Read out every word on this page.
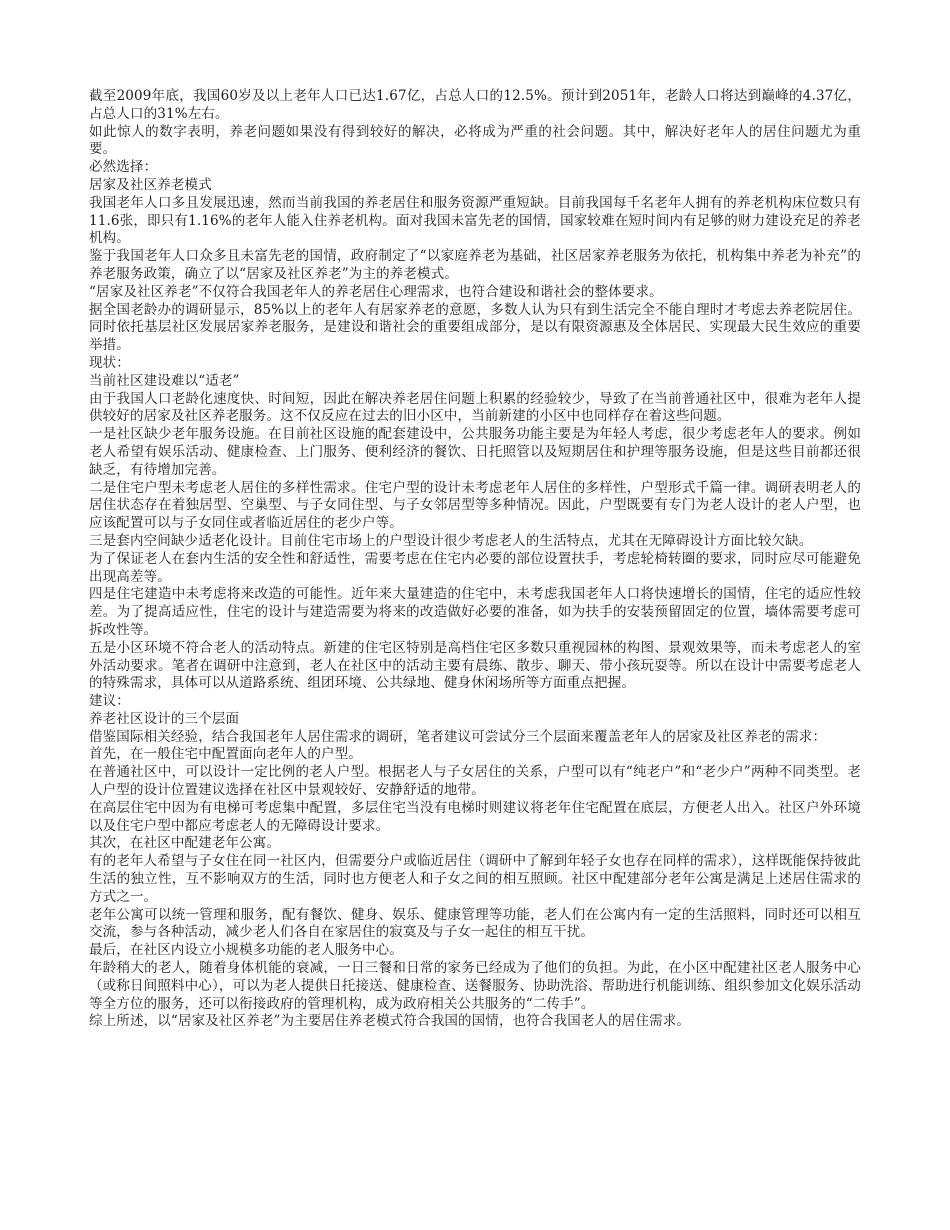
截至2009年底，我国60岁及以上老年人口已达1.67亿，占总人口的12.5%。预计到2051年，老龄人口将达到巅峰的4.37亿，占总人口的31%左右。

如此惊人的数字表明，养老问题如果没有得到较好的解决，必将成为严重的社会问题。其中，解决好老年人的居住问题尤为重要。

必然选择：

居家及社区养老模式

我国老年人口多且发展迅速，然而当前我国的养老居住和服务资源严重短缺。目前我国每千名老年人拥有的养老机构床位数只有11.6张，即只有1.16%的老年人能入住养老机构。面对我国未富先老的国情，国家较难在短时间内有足够的财力建设充足的养老机构。

鉴于我国老年人口众多且未富先老的国情，政府制定了“以家庭养老为基础，社区居家养老服务为依托，机构集中养老为补充”的养老服务政策，确立了以“居家及社区养老”为主的养老模式。

“居家及社区养老”不仅符合我国老年人的养老居住心理需求，也符合建设和谐社会的整体要求。

据全国老龄办的调研显示，85%以上的老年人有居家养老的意愿，多数人认为只有到生活完全不能自理时才考虑去养老院居住。同时依托基层社区发展居家养老服务，是建设和谐社会的重要组成部分，是以有限资源惠及全体居民、实现最大民生效应的重要举措。

现状：

当前社区建设难以“适老”

由于我国人口老龄化速度快、时间短，因此在解决养老居住问题上积累的经验较少，导致了在当前普通社区中，很难为老年人提供较好的居家及社区养老服务。这不仅反应在过去的旧小区中，当前新建的小区中也同样存在着这些问题。

一是社区缺少老年服务设施。在目前社区设施的配套建设中，公共服务功能主要是为年轻人考虑，很少考虑老年人的要求。例如老人希望有娱乐活动、健康检查、上门服务、便利经济的餐饮、日托照管以及短期居住和护理等服务设施，但是这些目前都还很缺乏，有待增加完善。

二是住宅户型未考虑老人居住的多样性需求。住宅户型的设计未考虑老年人居住的多样性，户型形式千篇一律。调研表明老人的居住状态存在着独居型、空巢型、与子女同住型、与子女邻居型等多种情况。因此，户型既要有专门为老人设计的老人户型，也应该配置可以与子女同住或者临近居住的老少户等。

三是套内空间缺少适老化设计。目前住宅市场上的户型设计很少考虑老人的生活特点，尤其在无障碍设计方面比较欠缺。

为了保证老人在套内生活的安全性和舒适性，需要考虑在住宅内必要的部位设置扶手，考虑轮椅转圈的要求，同时应尽可能避免出现高差等。

四是住宅建造中未考虑将来改造的可能性。近年来大量建造的住宅中，未考虑我国老年人口将快速增长的国情，住宅的适应性较差。为了提高适应性，住宅的设计与建造需要为将来的改造做好必要的准备，如为扶手的安装预留固定的位置，墙体需要考虑可拆改性等。

五是小区环境不符合老人的活动特点。新建的住宅区特别是高档住宅区多数只重视园林的构图、景观效果等，而未考虑老人的室外活动要求。笔者在调研中注意到，老人在社区中的活动主要有晨练、散步、聊天、带小孩玩耍等。所以在设计中需要考虑老人的特殊需求，具体可以从道路系统、组团环境、公共绿地、健身休闲场所等方面重点把握。

建议：

养老社区设计的三个层面

借鉴国际相关经验，结合我国老年人居住需求的调研，笔者建议可尝试分三个层面来覆盖老年人的居家及社区养老的需求：

首先，在一般住宅中配置面向老年人的户型。

在普通社区中，可以设计一定比例的老人户型。根据老人与子女居住的关系，户型可以有“纯老户”和“老少户”两种不同类型。老人户型的设计位置建议选择在社区中景观较好、安静舒适的地带。

在高层住宅中因为有电梯可考虑集中配置，多层住宅当没有电梯时则建议将老年住宅配置在底层，方便老人出入。社区户外环境以及住宅户型中都应考虑老人的无障碍设计要求。

其次，在社区中配建老年公寓。

有的老年人希望与子女住在同一社区内，但需要分户或临近居住（调研中了解到年轻子女也存在同样的需求），这样既能保持彼此生活的独立性，互不影响双方的生活，同时也方便老人和子女之间的相互照顾。社区中配建部分老年公寓是满足上述居住需求的方式之一。

老年公寓可以统一管理和服务，配有餐饮、健身、娱乐、健康管理等功能，老人们在公寓内有一定的生活照料，同时还可以相互交流，参与各种活动，减少老人们各自在家居住的寂寞及与子女一起住的相互干扰。

最后，在社区内设立小规模多功能的老人服务中心。

年龄稍大的老人，随着身体机能的衰减，一日三餐和日常的家务已经成为了他们的负担。为此，在小区中配建社区老人服务中心（或称日间照料中心），可以为老人提供日托接送、健康检查、送餐服务、协助洗浴、帮助进行机能训练、组织参加文化娱乐活动等全方位的服务，还可以衔接政府的管理机构，成为政府相关公共服务的“二传手”。

综上所述，以“居家及社区养老”为主要居住养老模式符合我国的国情，也符合我国老人的居住需求。
